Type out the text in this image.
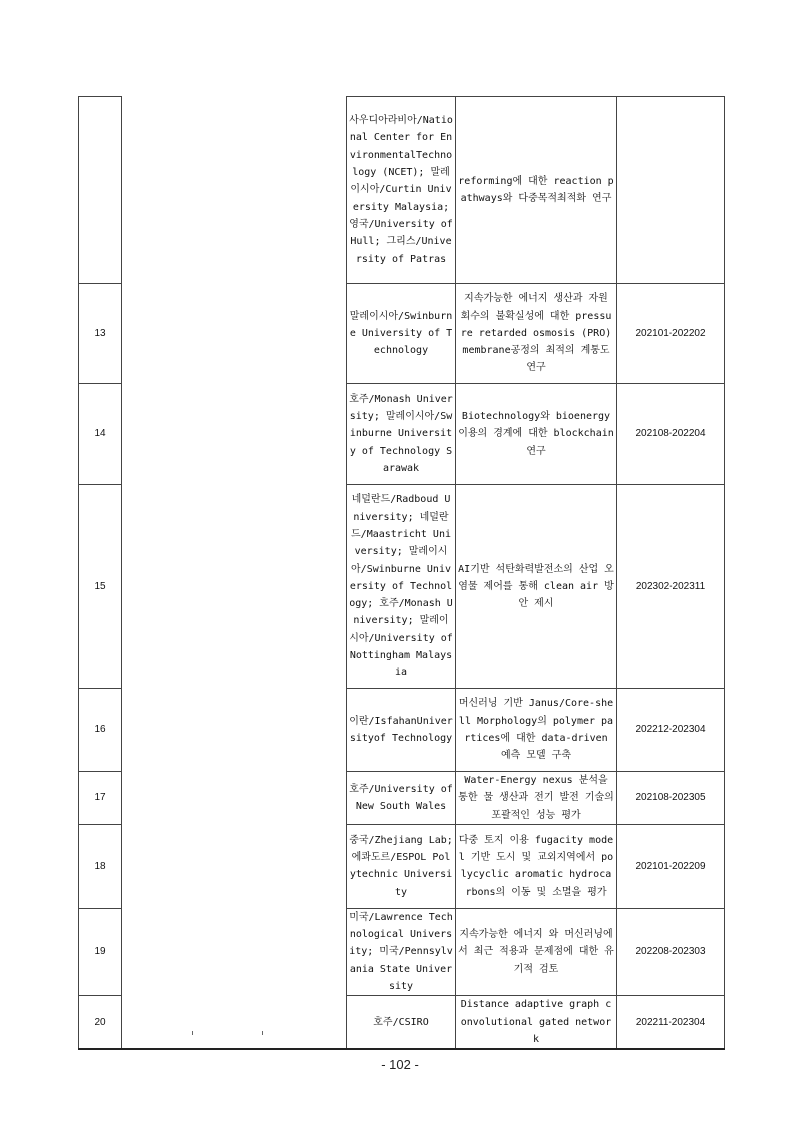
		사우디아라비아/National Center for EnvironmentalTechnology (NCET); 말레이시아/Curtin University Malaysia; 영국/University of Hull; 그리스/University of Patras	reforming에 대한 reaction pathways와 다중목적최적화 연구	
13		말레이시아/Swinburne University of Technology	지속가능한 에너지 생산과 자원 회수의 불확실성에 대한 pressure retarded osmosis (PRO) membrane공정의 최적의 계통도 연구	202101-202202
14		호주/Monash University; 말레이시아/Swinburne University of Technology Sarawak	Biotechnology와 bioenergy 이용의 경계에 대한 blockchain 연구	202108-202204
15		네덜란드/Radboud University; 네덜란드/Maastricht University; 말레이시아/Swinburne University of Technology; 호주/Monash University; 말레이시아/University of Nottingham Malaysia	AI기반 석탄화력발전소의 산업 오염물 제어를 통해 clean air 방안 제시	202302-202311
16		이란/IsfahanUniversityof Technology	머신러닝 기반 Janus/Core-shell Morphology의 polymer partices에 대한 data-driven 예측 모델 구축	202212-202304
17		호주/University of New South Wales	Water-Energy nexus 분석을 통한 물 생산과 전기 발전 기술의 포괄적인 성능 평가	202108-202305
18		중국/Zhejiang Lab; 에콰도르/ESPOL Polytechnic University	다중 토지 이용 fugacity model 기반 도시 및 교외지역에서 polycyclic aromatic hydrocarbons의 이동 및 소멸을 평가	202101-202209
19		미국/Lawrence Technological University; 미국/Pennsylvania State University	지속가능한 에너지 와 머신러닝에서 최근 적용과 문제점에 대한 유기적 검토	202208-202303
20		호주/CSIRO	Distance adaptive graph convolutional gated network	202211-202304
- 102 -
